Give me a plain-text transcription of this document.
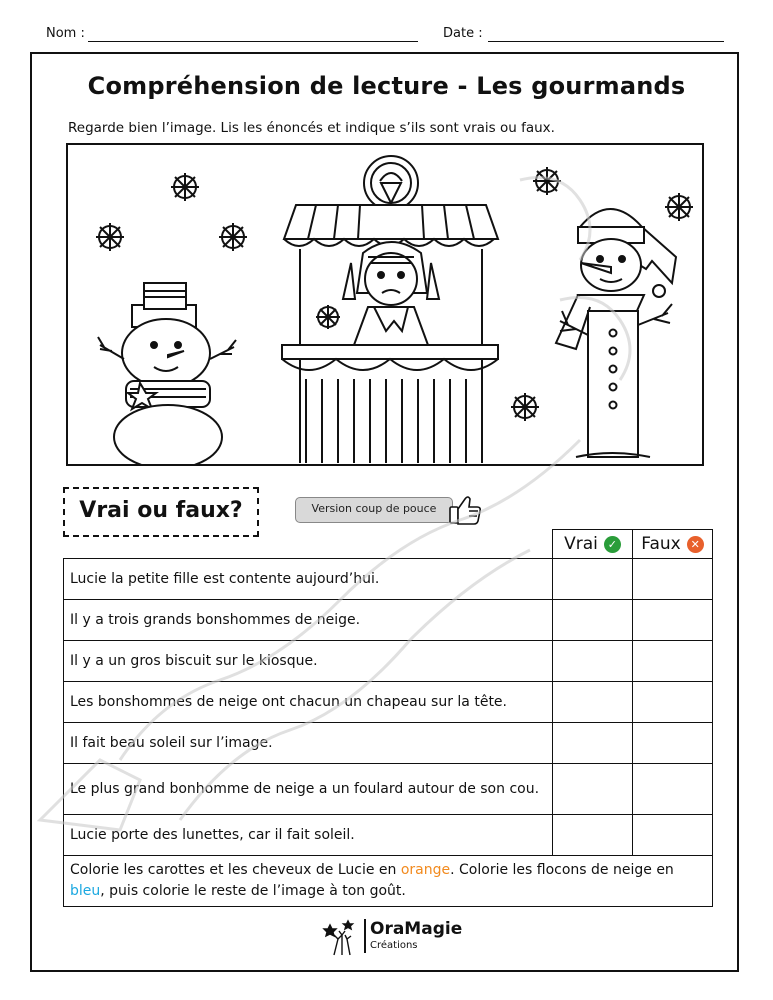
Nom :	Date :
Compréhension de lecture - Les gourmands
Regarde bien l’image. Lis les énoncés et indique s’ils sont vrais ou faux.
Vrai ou faux?	Version coup de pouce

	Vrai ✓	Faux ✕

Lucie la petite fille est contente aujourd’hui.		
Il y a trois grands bonshommes de neige.		
Il y a un gros biscuit sur le kiosque.		
Les bonshommes de neige ont chacun un chapeau sur la tête.		
Il fait beau soleil sur l’image.		
Le plus grand bonhomme de neige a un foulard autour de son cou.		
Lucie porte des lunettes, car il fait soleil.		
Colorie les carottes et les cheveux de Lucie en orange. Colorie les flocons de neige en bleu, puis colorie le reste de l’image à ton goût.		
OraMagie
Créations
